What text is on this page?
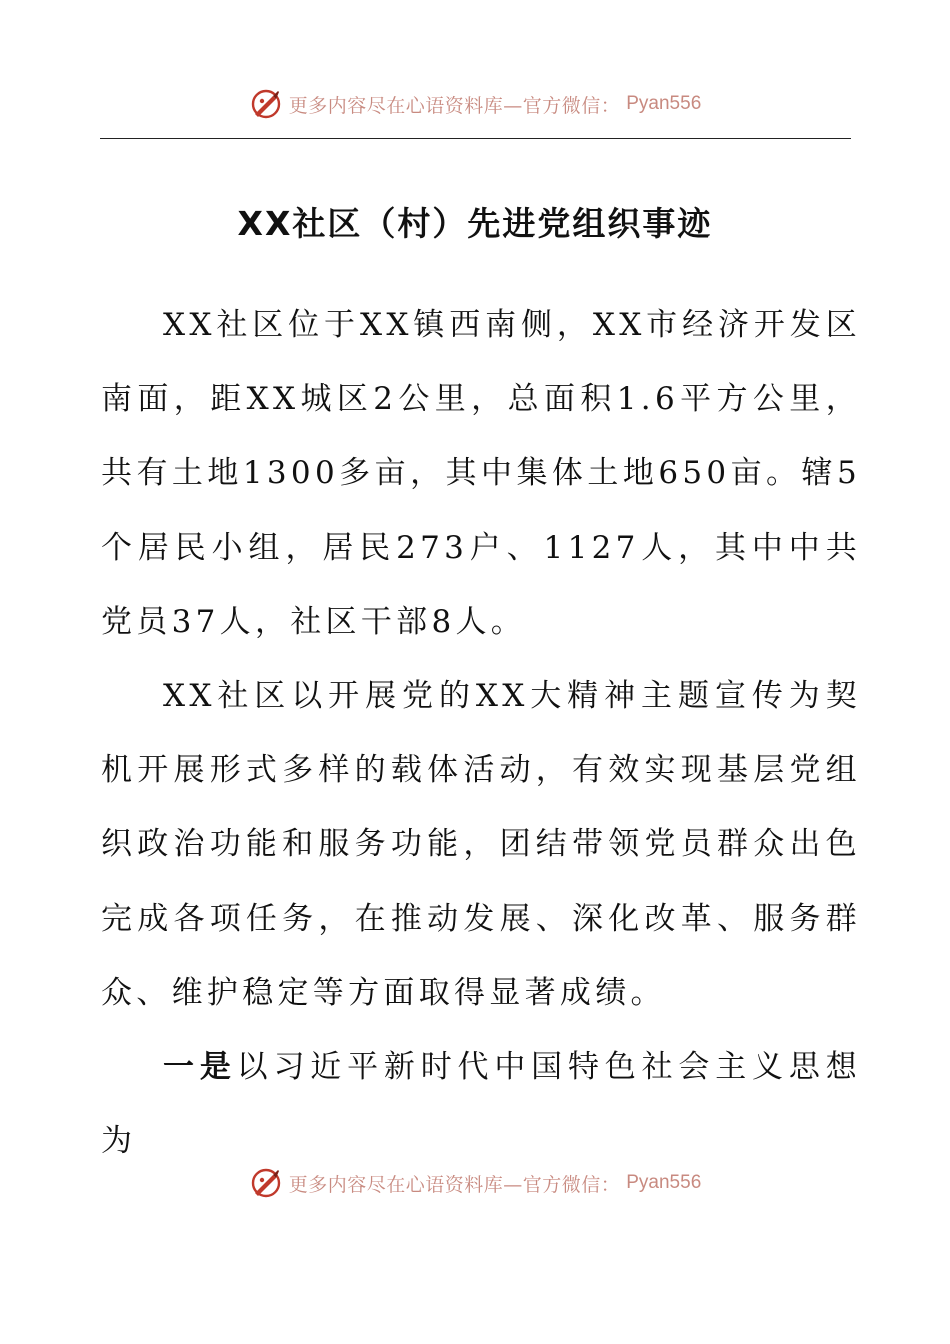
更多内容尽在心语资料库—官方微信： Pyan556
XX社区（村）先进党组织事迹

XX社区位于XX镇西南侧，XX市经济开发区南面，距XX城区2公里，总面积1.6平方公里，共有土地1300多亩，其中集体土地650亩。辖5个居民小组，居民273户、1127人，其中中共党员37人，社区干部8人。

XX社区以开展党的XX大精神主题宣传为契机开展形式多样的载体活动，有效实现基层党组织政治功能和服务功能，团结带领党员群众出色完成各项任务，在推动发展、深化改革、服务群众、维护稳定等方面取得显著成绩。

一是以习近平新时代中国特色社会主义思想为

更多内容尽在心语资料库—官方微信： Pyan556
